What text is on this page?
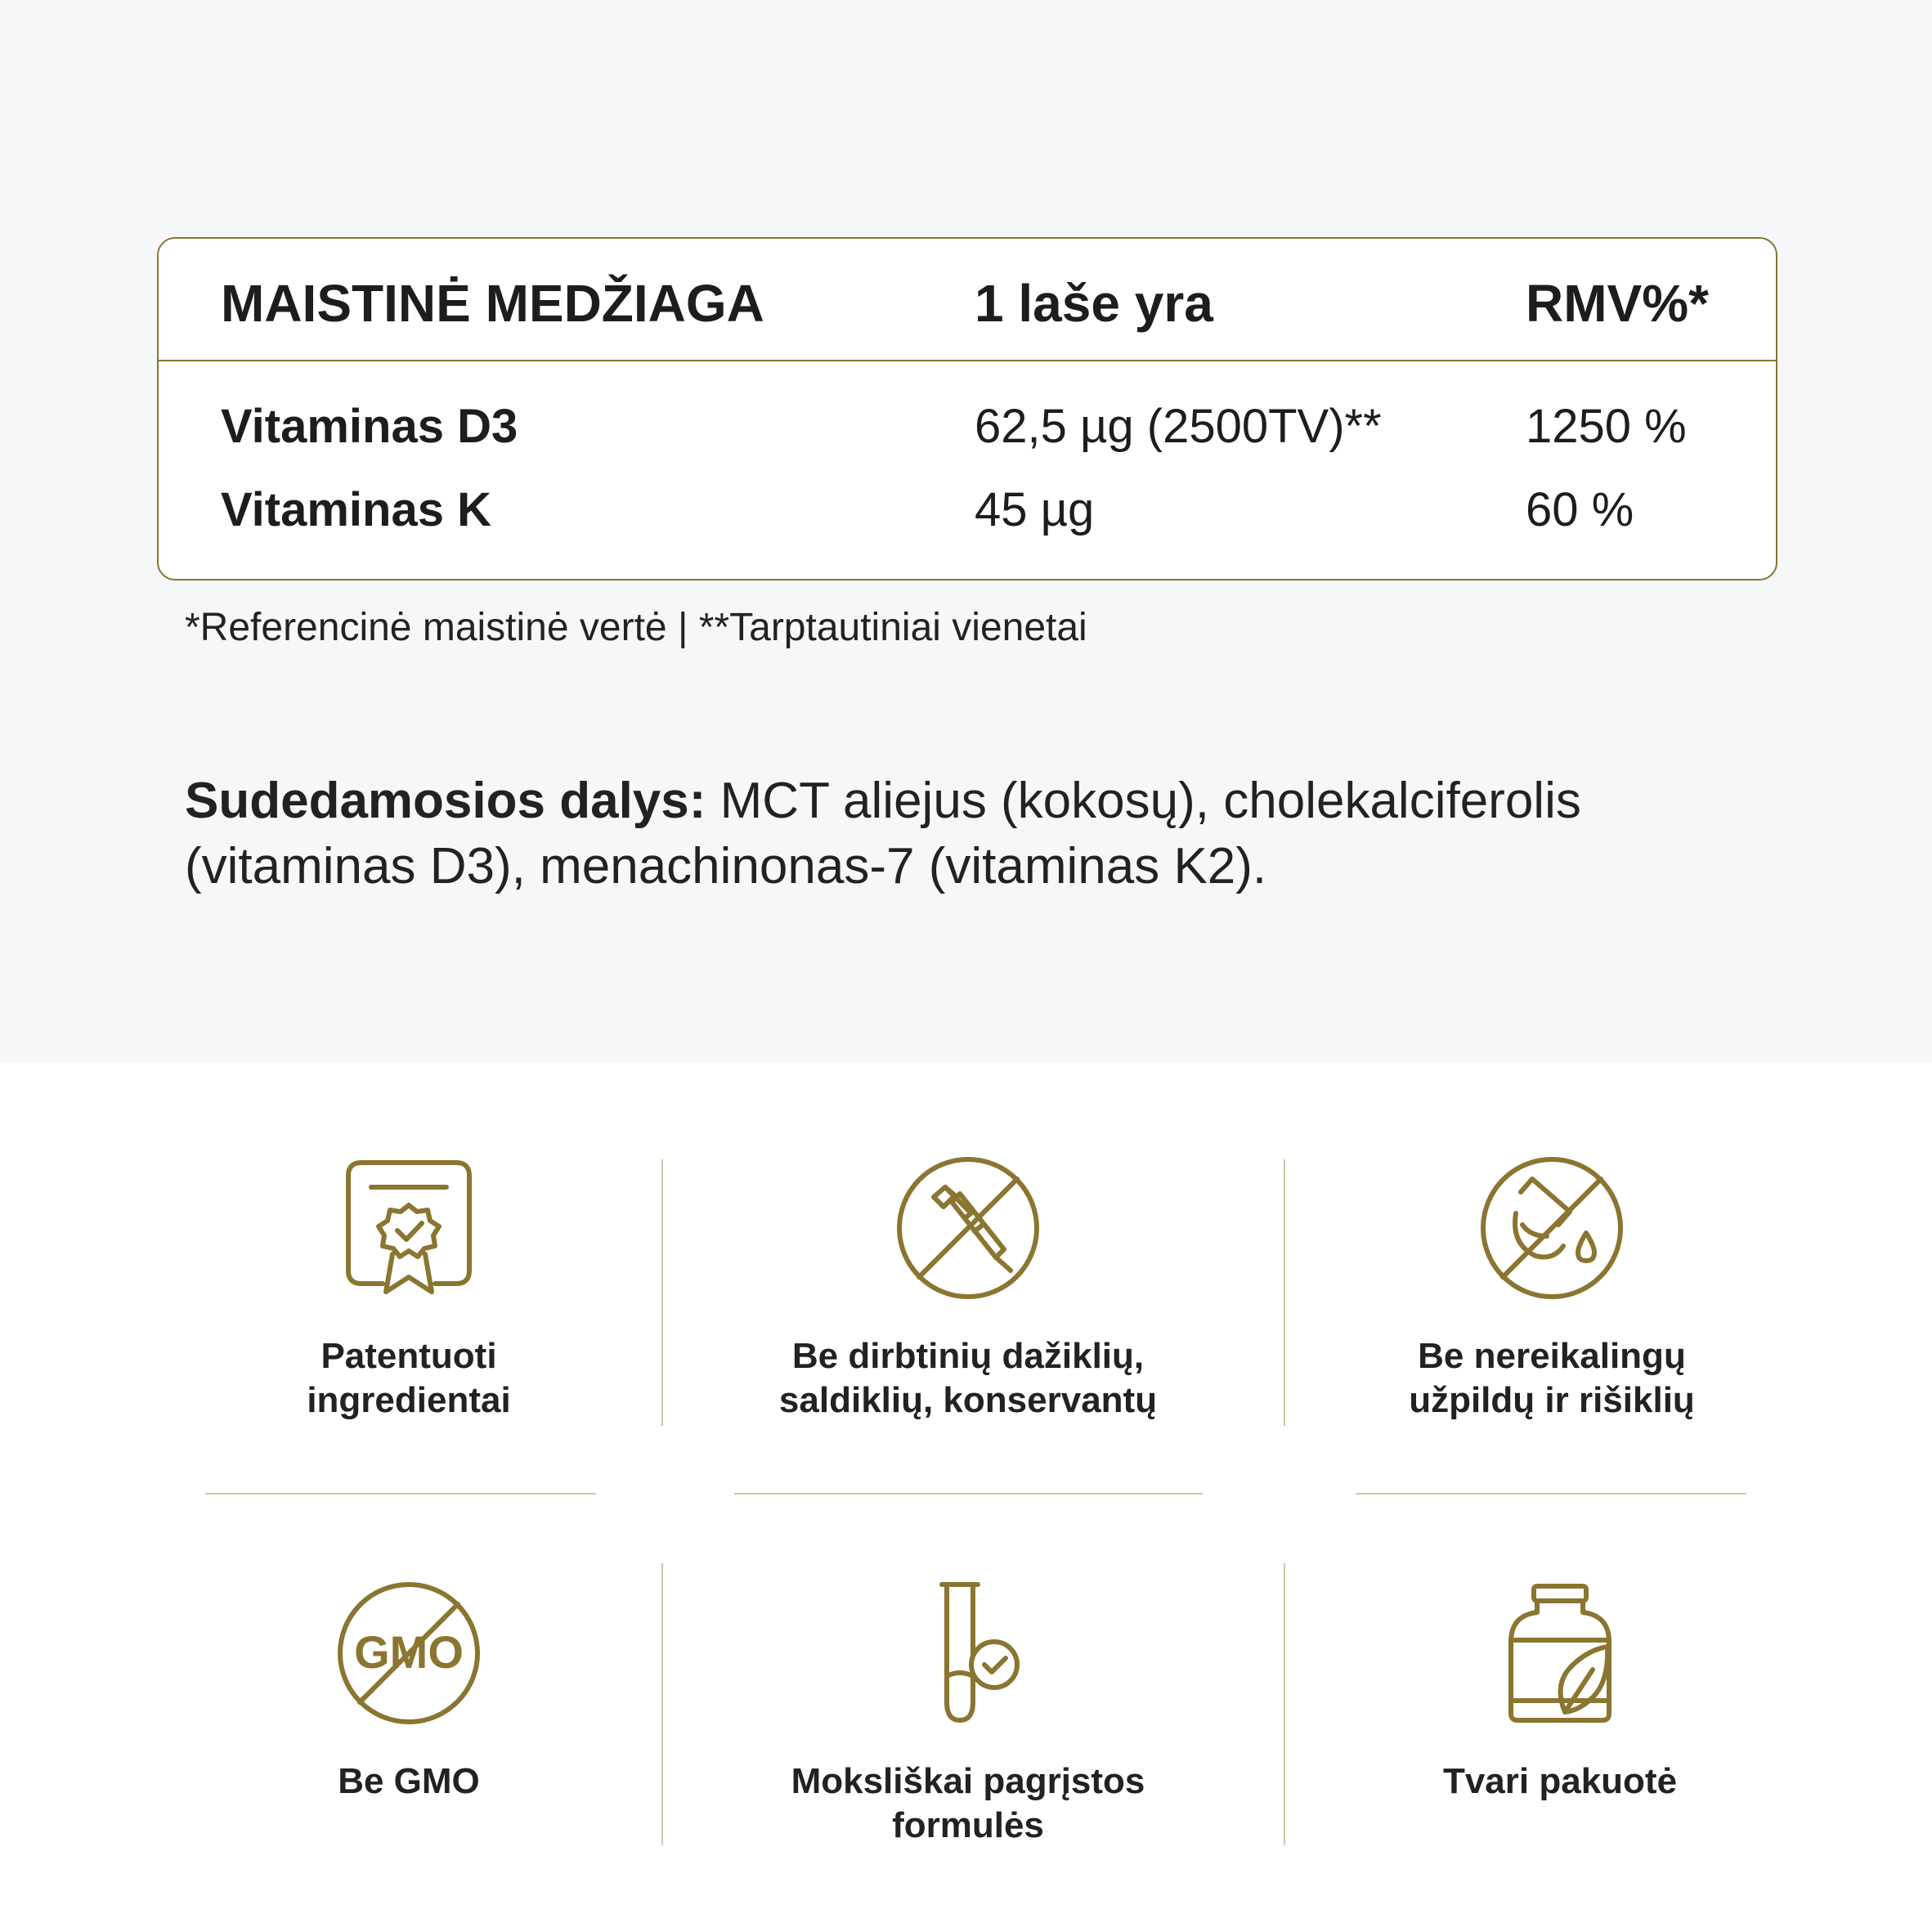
MAISTINĖ MEDŽIAGA	1 laše yra	RMV%*
Vitaminas D3	62,5 µg (2500TV)**	1250 %
Vitaminas K	45 µg	60 %
*Referencinė maistinė vertė | **Tarptautiniai vienetai
Sudedamosios dalys: MCT aliejus (kokosų), cholekalciferolis (vitaminas D3), menachinonas-7 (vitaminas K2).
Patentuoti
ingredientai
Be dirbtinių dažiklių,
saldiklių, konservantų
Be nereikalingų
užpildų ir rišiklių
GMO
Be GMO	Moksliškai pagrįstos
formulės
Tvari pakuotė
